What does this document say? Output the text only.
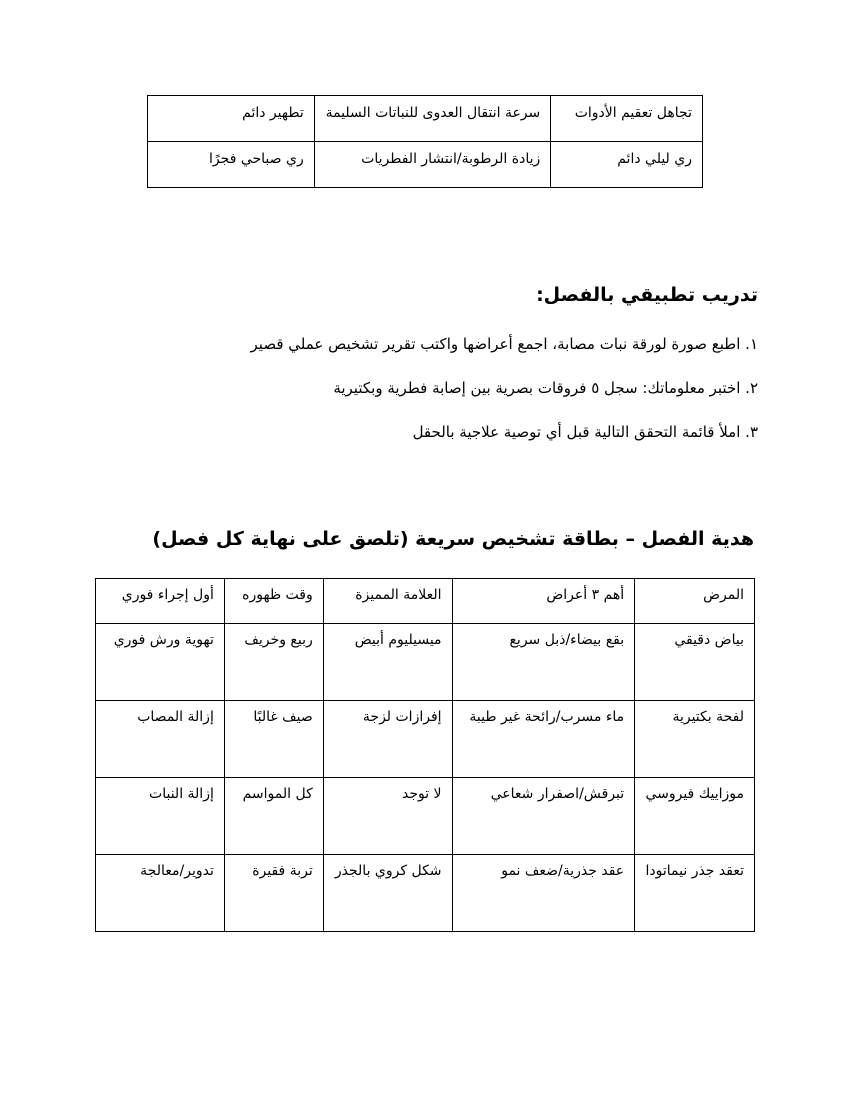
تجاهل تعقيم الأدوات	سرعة انتقال العدوى للنباتات السليمة	تطهير دائم
ري ليلي دائم	زيادة الرطوبة/انتشار الفطريات	ري صباحي فجرًا
تدريب تطبيقي بالفصل:
١. اطبع صورة لورقة نبات مصابة، اجمع أعراضها واكتب تقرير تشخيص عملي قصير
٢. اختبر معلوماتك: سجل ٥ فروقات بصرية بين إصابة فطرية وبكتيرية
٣. املأ قائمة التحقق التالية قبل أي توصية علاجية بالحقل
هدية الفصل – بطاقة تشخيص سريعة (تلصق على نهاية كل فصل)
المرض	أهم ٣ أعراض	العلامة المميزة	وقت ظهوره	أول إجراء فوري
بياض دقيقي	بقع بيضاء/ذبل سريع	ميسيليوم أبيض	ربيع وخريف	تهوية ورش فوري
لفحة بكتيرية	ماء مسرب/رائحة غير طيبة	إفرازات لزجة	صيف غالبًا	إزالة المصاب
موزاييك فيروسي	تبرقش/اصفرار شعاعي	لا توجد	كل المواسم	إزالة النبات
تعقد جذر نيماتودا	عقد جذرية/ضعف نمو	شكل كروي بالجذر	تربة فقيرة	تدوير/معالجة
